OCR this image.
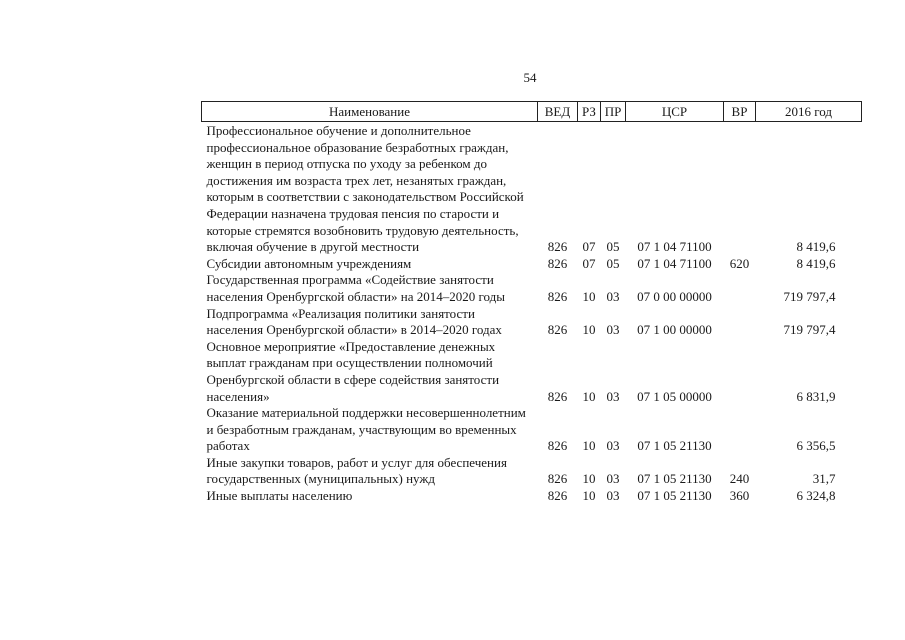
54
Наименование	ВЕД	РЗ	ПР	ЦСР	ВР	2016 год
Профессиональное обучение и дополнительное профессиональное образование безработных граждан, женщин в период отпуска по уходу за ребенком до достижения им возраста трех лет, незанятых граждан, которым в соответствии с законодательством Российской Федерации назначена трудовая пенсия по старости и которые стремятся возобновить трудовую деятельность, включая обучение в другой местности	826	07	05	07 1 04 71100		8 419,6
Субсидии автономным учреждениям	826	07	05	07 1 04 71100	620	8 419,6
Государственная программа «Содействие занятости населения Оренбургской области» на 2014–2020 годы	826	10	03	07 0 00 00000		719 797,4
Подпрограмма «Реализация политики занятости населения Оренбургской области» в 2014–2020 годах	826	10	03	07 1 00 00000		719 797,4
Основное мероприятие «Предоставление денежных выплат гражданам при осуществлении полномочий Оренбургской области в сфере содействия занятости населения»	826	10	03	07 1 05 00000		6 831,9
Оказание материальной поддержки несовершеннолетним и безработным гражданам, участвующим во временных работах	826	10	03	07 1 05 21130		6 356,5
Иные закупки товаров, работ и услуг для обеспечения государственных (муниципальных) нужд	826	10	03	07 1 05 21130	240	31,7
Иные выплаты населению	826	10	03	07 1 05 21130	360	6 324,8
